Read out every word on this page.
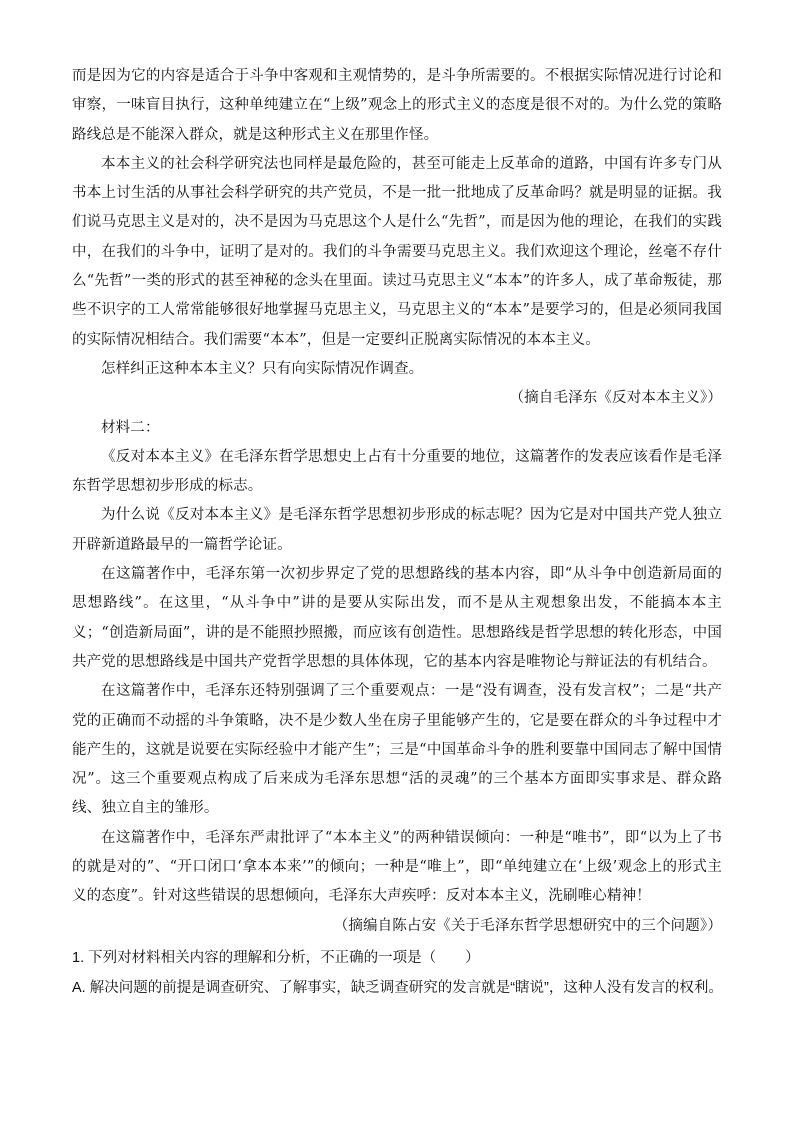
而是因为它的内容是适合于斗争中客观和主观情势的，是斗争所需要的。不根据实际情况进行讨论和审察，一味盲目执行，这种单纯建立在“上级”观念上的形式主义的态度是很不对的。为什么党的策略路线总是不能深入群众，就是这种形式主义在那里作怪。

本本主义的社会科学研究法也同样是最危险的，甚至可能走上反革命的道路，中国有许多专门从书本上讨生活的从事社会科学研究的共产党员，不是一批一批地成了反革命吗？就是明显的证据。我们说马克思主义是对的，决不是因为马克思这个人是什么“先哲”，而是因为他的理论，在我们的实践中，在我们的斗争中，证明了是对的。我们的斗争需要马克思主义。我们欢迎这个理论，丝毫不存什么“先哲”一类的形式的甚至神秘的念头在里面。读过马克思主义“本本”的许多人，成了革命叛徒，那些不识字的工人常常能够很好地掌握马克思主义，马克思主义的“本本”是要学习的，但是必须同我国的实际情况相结合。我们需要“本本”，但是一定要纠正脱离实际情况的本本主义。

怎样纠正这种本本主义？只有向实际情况作调查。

（摘自毛泽东《反对本本主义》）

材料二：

《反对本本主义》在毛泽东哲学思想史上占有十分重要的地位，这篇著作的发表应该看作是毛泽东哲学思想初步形成的标志。

为什么说《反对本本主义》是毛泽东哲学思想初步形成的标志呢？因为它是对中国共产党人独立开辟新道路最早的一篇哲学论证。

在这篇著作中，毛泽东第一次初步界定了党的思想路线的基本内容，即“从斗争中创造新局面的思想路线”。在这里，“从斗争中”讲的是要从实际出发，而不是从主观想象出发，不能搞本本主义；“创造新局面”，讲的是不能照抄照搬，而应该有创造性。思想路线是哲学思想的转化形态，中国共产党的思想路线是中国共产党哲学思想的具体体现，它的基本内容是唯物论与辩证法的有机结合。

在这篇著作中，毛泽东还特别强调了三个重要观点：一是“没有调查，没有发言权”；二是“共产党的正确而不动摇的斗争策略，决不是少数人坐在房子里能够产生的，它是要在群众的斗争过程中才能产生的，这就是说要在实际经验中才能产生”；三是“中国革命斗争的胜利要靠中国同志了解中国情况”。这三个重要观点构成了后来成为毛泽东思想“活的灵魂”的三个基本方面即实事求是、群众路线、独立自主的雏形。

在这篇著作中，毛泽东严肃批评了“本本主义”的两种错误倾向：一种是“唯书”，即“以为上了书的就是对的”、“开口闭口‘拿本本来’”的倾向；一种是“唯上”，即“单纯建立在‘上级’观念上的形式主义的态度”。针对这些错误的思想倾向，毛泽东大声疾呼：反对本本主义，洗刷唯心精神！

（摘编自陈占安《关于毛泽东哲学思想研究中的三个问题》）

1. 下列对材料相关内容的理解和分析，不正确的一项是（　　）

A. 解决问题的前提是调查研究、了解事实，缺乏调查研究的发言就是“瞎说”，这种人没有发言的权利。
